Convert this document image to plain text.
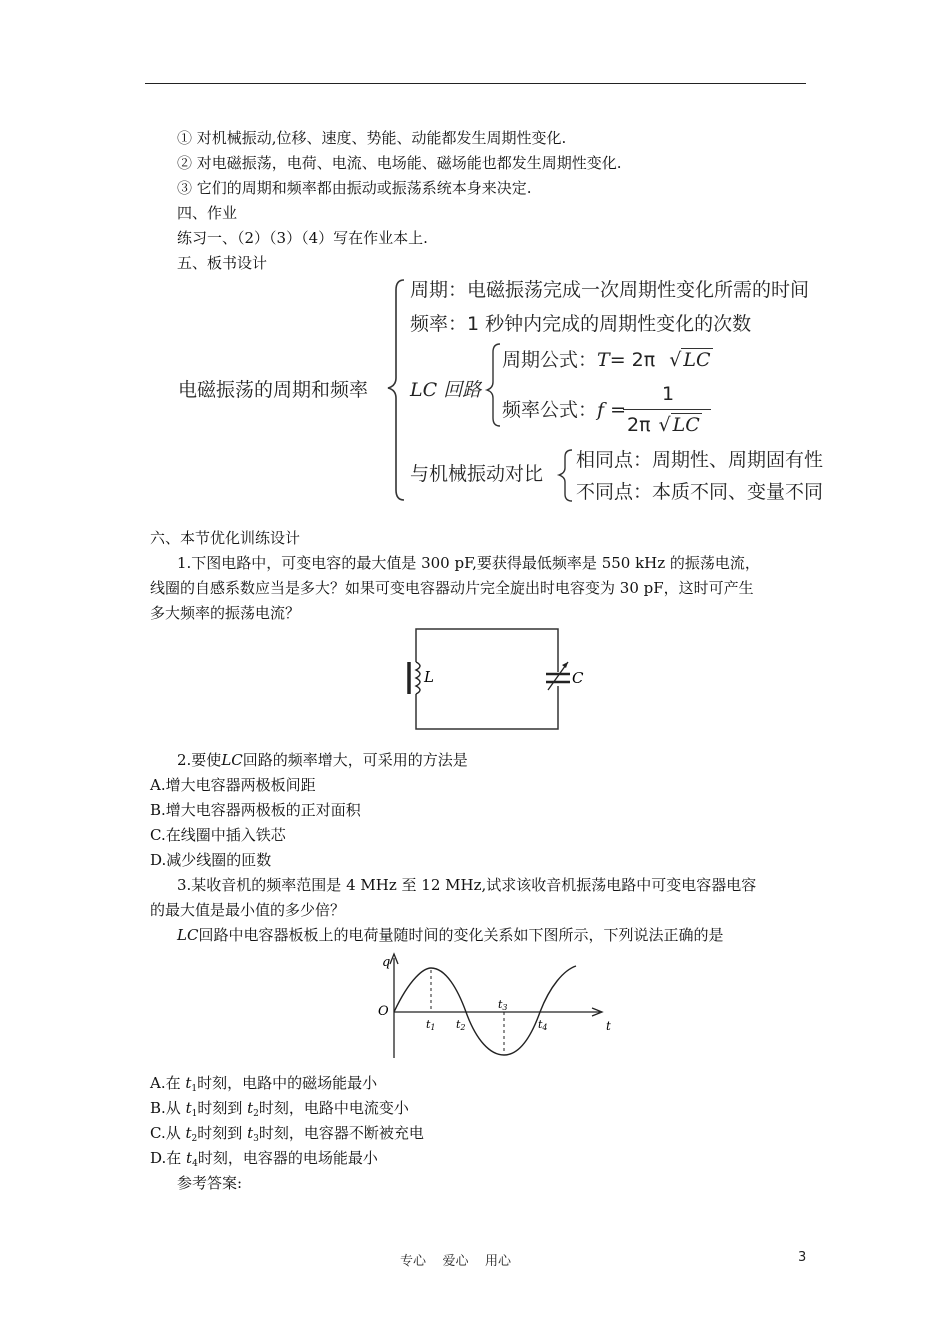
① 对机械振动,位移、速度、势能、动能都发生周期性变化.
② 对电磁振荡，电荷、电流、电场能、磁场能也都发生周期性变化.
③ 它们的周期和频率都由振动或振荡系统本身来决定.
四、作业
练习一、（2）（3）（4）写在作业本上.
五、板书设计
电磁振荡的周期和频率
周期：电磁振荡完成一次周期性变化所需的时间
频率：1 秒钟内完成的周期性变化的次数
LC 回路
周期公式：T= 2π √ LC
频率公式：f =
1
2π √ LC
与机械振动对比
相同点：周期性、周期固有性
不同点：本质不同、变量不同
六、本节优化训练设计
1.下图电路中，可变电容的最大值是 300 pF,要获得最低频率是 550 kHz 的振荡电流，
线圈的自感系数应当是多大？如果可变电容器动片完全旋出时电容变为 30 pF，这时可产生
多大频率的振荡电流？
L	C
2.要使LC回路的频率增大，可采用的方法是
A.增大电容器两极板间距
B.增大电容器两极板的正对面积
C.在线圈中插入铁芯
D.减少线圈的匝数
3.某收音机的频率范围是 4 MHz 至 12 MHz,试求该收音机振荡电路中可变电容器电容
的最大值是最小值的多少倍？
LC回路中电容器板板上的电荷量随时间的变化关系如下图所示，下列说法正确的是
q
O
t
t1 t2
t3
t4
A.在 $t_1$时刻，电路中的磁场能最小
B.从 $t_1$时刻到 $t_2$时刻，电路中电流变小
C.从 $t_2$时刻到 $t_3$时刻，电容器不断被充电
D.在 $t_4$时刻，电容器的电场能最小
参考答案:
专心    爱心    用心	3
